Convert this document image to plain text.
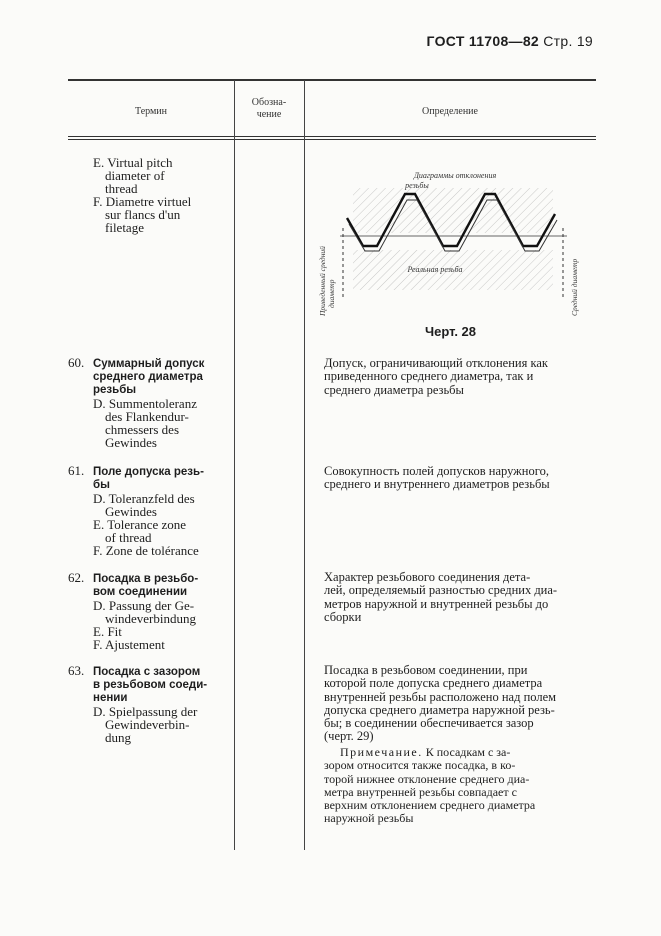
ГОСТ 11708—82 Стр. 19
Термин
Обозна-
чение	Определение
E. Virtual pitch
diameter of
thread
F. Diametre virtuel
sur flancs d'un
filetage
Диаграммы отклонения
резьбы
Реальная резьба
Приведенный средний диаметр	Средний диаметр
Черт. 28
60. Суммарный допуск
среднего диаметра
резьбы
D. Summentoleranz
des Flankendur-
chmessers des
Gewindes
Допуск, ограничивающий отклонения как
приведенного среднего диаметра, так и
среднего диаметра резьбы
61. Поле допуска резь-
бы
D. Toleranzfeld des
Gewindes
E. Tolerance zone
of thread
F. Zone de tolérance
Совокупность полей допусков наружного,
среднего и внутреннего диаметров резьбы
62. Посадка в резьбо-
вом соединении
D. Passung der Ge-
windeverbindung
E. Fit
F. Ajustement
Характер резьбового соединения дета-
лей, определяемый разностью средних диа-
метров наружной и внутренней резьбы до
сборки
63. Посадка с зазором
в резьбовом соеди-
нении
D. Spielpassung der
Gewindeverbin-
dung
Посадка в резьбовом соединении, при
которой поле допуска среднего диаметра
внутренней резьбы расположено над полем
допуска среднего диаметра наружной резь-
бы; в соединении обеспечивается зазор
(черт. 29)
Примечание. К посадкам с за-
зором относится также посадка, в ко-
торой нижнее отклонение среднего диа-
метра внутренней резьбы совпадает с
верхним отклонением среднего диаметра
наружной резьбы
